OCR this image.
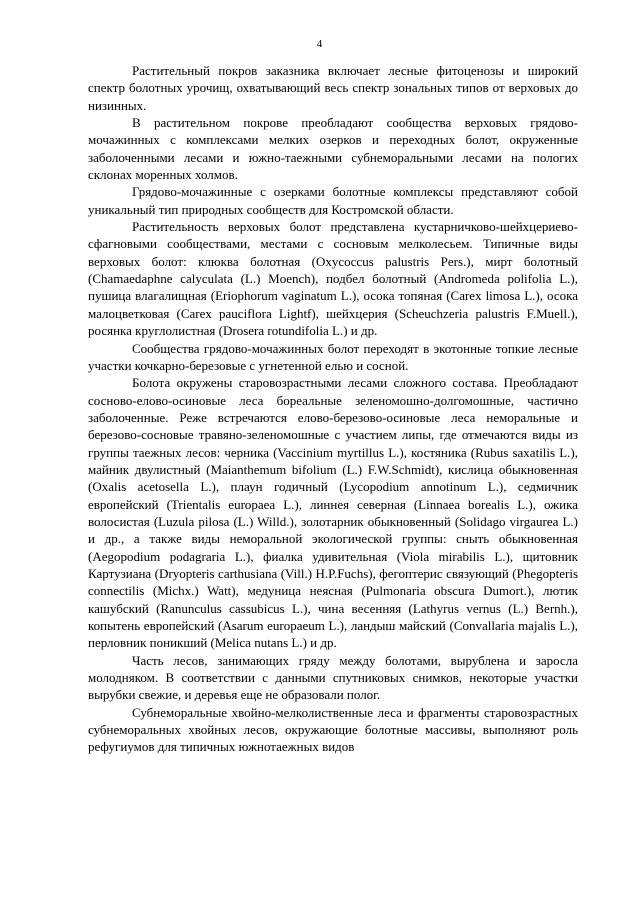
4

Растительный покров заказника включает лесные фитоценозы и широкий спектр болотных урочищ, охватывающий весь спектр зональных типов от верховых до низинных.

В растительном покрове преобладают сообщества верховых грядово-мочажинных с комплексами мелких озерков и переходных болот, окруженные заболоченными лесами и южно-таежными субнеморальными лесами на пологих склонах моренных холмов.

Грядово-мочажинные с озерками болотные комплексы представляют собой уникальный тип природных сообществ для Костромской области.

Растительность верховых болот представлена кустарничково-шейхцериево-сфагновыми сообществами, местами с сосновым мелколесьем. Типичные виды верховых болот: клюква болотная (Oxycoccus palustris Pers.), мирт болотный (Chamaedaphne calyculata (L.) Moench), подбел болотный (Andromeda polifolia L.), пушица влагалищная (Eriophorum vaginatum L.), осока топяная (Carex limosa L.), осока малоцветковая (Carex pauciflora Lightf), шейхцерия (Scheuchzeria palustris F.Muell.), росянка круглолистная (Drosera rotundifolia L.) и др.

Сообщества грядово-мочажинных болот переходят в экотонные топкие лесные участки кочкарно-березовые с угнетенной елью и сосной.

Болота окружены старовозрастными лесами сложного состава. Преобладают сосново-елово-осиновые леса бореальные зеленомошно-долгомошные, частично заболоченные. Реже встречаются елово-березово-осиновые леса неморальные и березово-сосновые травяно-зеленомошные с участием липы, где отмечаются виды из группы таежных лесов: черника (Vaccinium myrtillus L.), костяника (Rubus saxatilis L.), майник двулистный (Maianthemum bifolium (L.) F.W.Schmidt), кислица обыкновенная (Oxalis acetosella L.), плаун годичный (Lycopodium annotinum L.), седмичник европейский (Trientalis europaea L.), линнея северная (Linnaea borealis L.), ожика волосистая (Luzula pilosa (L.) Willd.), золотарник обыкновенный (Solidago virgaurea L.) и др., а также виды неморальной экологической группы: сныть обыкновенная (Aegopodium podagraria L.), фиалка удивительная (Viola mirabilis L.), щитовник Картузиана (Dryopteris carthusiana (Vill.) H.P.Fuchs), фегоптерис связующий (Phegopteris connectilis (Michx.) Watt), медуница неясная (Pulmonaria obscura Dumort.), лютик кашубский (Ranunculus cassubicus L.), чина весенняя (Lathyrus vernus (L.) Bernh.), копытень европейский (Asarum europaeum L.), ландыш майский (Convallaria majalis L.), перловник поникший (Melica nutans L.) и др.

Часть лесов, занимающих гряду между болотами, вырублена и заросла молодняком. В соответствии с данными спутниковых снимков, некоторые участки вырубки свежие, и деревья еще не образовали полог.

Субнеморальные хвойно-мелколиственные леса и фрагменты старовозрастных субнеморальных хвойных лесов, окружающие болотные массивы, выполняют роль рефугиумов для типичных южнотаежных видов
